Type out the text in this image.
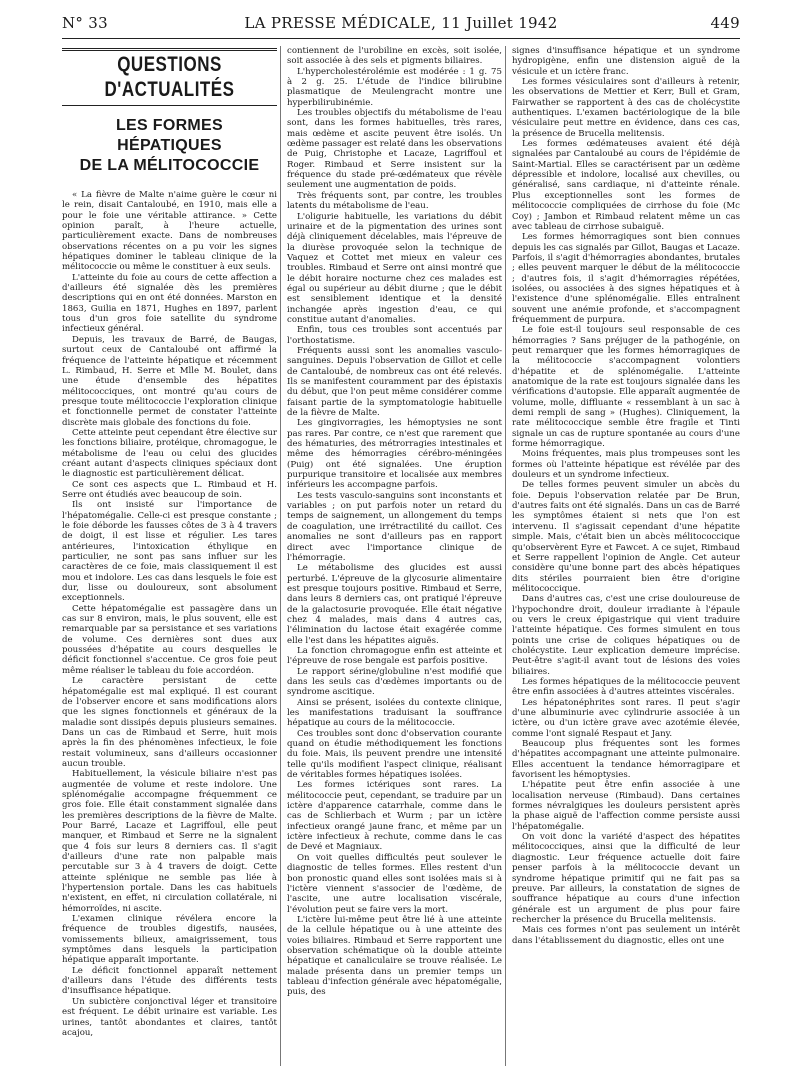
N° 33	LA PRESSE MÉDICALE, 11 Juillet 1942	449
QUESTIONS D'ACTUALITÉS
LES FORMES HÉPATIQUES
DE LA MÉLITOCOCCIE

« La fièvre de Malte n'aime guère le cœur ni le rein, disait Cantaloubé, en 1910, mais elle a pour le foie une véritable attirance. » Cette opinion paraît, à l'heure actuelle, particulièrement exacte. Dans de nombreuses observations récentes on a pu voir les signes hépatiques dominer le tableau clinique de la mélitococcie ou même le constituer à eux seuls.

L'atteinte du foie au cours de cette affection a d'ailleurs été signalée dès les premières descriptions qui en ont été données. Marston en 1863, Guilia en 1871, Hughes en 1897, parlent tous d'un gros foie satellite du syndrome infectieux général.

Depuis, les travaux de Barré, de Baugas, surtout ceux de Cantaloubé ont affirmé la fréquence de l'atteinte hépatique et récemment L. Rimbaud, H. Serre et Mlle M. Boulet, dans une étude d'ensemble des hépatites mélitococciques, ont montré qu'au cours de presque toute mélitococcie l'exploration clinique et fonctionnelle permet de constater l'atteinte discrète mais globale des fonctions du foie.

Cette atteinte peut cependant être élective sur les fonctions biliaire, protéique, chromagogue, le métabolisme de l'eau ou celui des glucides créant autant d'aspects cliniques spéciaux dont le diagnostic est particulièrement délicat.

Ce sont ces aspects que L. Rimbaud et H. Serre ont étudiés avec beaucoup de soin.

Ils ont insisté sur l'importance de l'hépatomégalie. Celle-ci est presque constante ; le foie déborde les fausses côtes de 3 à 4 travers de doigt, il est lisse et régulier. Les tares antérieures, l'intoxication éthylique en particulier, ne sont pas sans influer sur les caractères de ce foie, mais classiquement il est mou et indolore. Les cas dans lesquels le foie est dur, lisse ou douloureux, sont absolument exceptionnels.

Cette hépatomégalie est passagère dans un cas sur 8 environ, mais, le plus souvent, elle est remarquable par sa persistance et ses variations de volume. Ces dernières sont dues aux poussées d'hépatite au cours desquelles le déficit fonctionnel s'accentue. Ce gros foie peut même réaliser le tableau du foie accordéon.

Le caractère persistant de cette hépatomégalie est mal expliqué. Il est courant de l'observer encore et sans modifications alors que les signes fonctionnels et généraux de la maladie sont dissipés depuis plusieurs semaines. Dans un cas de Rimbaud et Serre, huit mois après la fin des phénomènes infectieux, le foie restait volumineux, sans d'ailleurs occasionner aucun trouble.

Habituellement, la vésicule biliaire n'est pas augmentée de volume et reste indolore. Une splénomégalie accompagne fréquemment ce gros foie. Elle était constamment signalée dans les premières descriptions de la fièvre de Malte. Pour Barré, Lacaze et Lagriffoul, elle peut manquer, et Rimbaud et Serre ne la signalent que 4 fois sur leurs 8 derniers cas. Il s'agit d'ailleurs d'une rate non palpable mais percutable sur 3 à 4 travers de doigt. Cette atteinte splénique ne semble pas liée à l'hypertension portale. Dans les cas habituels n'existent, en effet, ni circulation collatérale, ni hémorroïdes, ni ascite.

L'examen clinique révélera encore la fréquence de troubles digestifs, nausées, vomissements bilieux, amaigrissement, tous symptômes dans lesquels la participation hépatique apparaît importante.

Le déficit fonctionnel apparaît nettement d'ailleurs dans l'étude des différents tests d'insuffisance hépatique.

Un subictère conjonctival léger et transitoire est fréquent. Le débit urinaire est variable. Les urines, tantôt abondantes et claires, tantôt acajou,

contiennent de l'urobiline en excès, soit isolée, soit associée à des sels et pigments biliaires.

L'hypercholestérolémie est modérée : 1 g. 75 à 2 g. 25. L'étude de l'indice bilirubine plasmatique de Meulengracht montre une hyperbilirubinémie.

Les troubles objectifs du métabolisme de l'eau sont, dans les formes habituelles, très rares, mais œdème et ascite peuvent être isolés. Un œdème passager est relaté dans les observations de Puig, Christophe et Lacaze, Lagriffoul et Roger. Rimbaud et Serre insistent sur la fréquence du stade pré-œdémateux que révèle seulement une augmentation de poids.

Très fréquents sont, par contre, les troubles latents du métabolisme de l'eau.

L'oligurie habituelle, les variations du débit urinaire et de la pigmentation des urines sont déjà cliniquement décelables, mais l'épreuve de la diurèse provoquée selon la technique de Vaquez et Cottet met mieux en valeur ces troubles. Rimbaud et Serre ont ainsi montré que le débit horaire nocturne chez ces malades est égal ou supérieur au débit diurne ; que le débit est sensiblement identique et la densité inchangée après ingestion d'eau, ce qui constitue autant d'anomalies.

Enfin, tous ces troubles sont accentués par l'orthostatisme.

Fréquents aussi sont les anomalies vasculo-sanguines. Depuis l'observation de Gillot et celle de Cantaloubé, de nombreux cas ont été relevés. Ils se manifestent couramment par des épistaxis du début, que l'on peut même considérer comme faisant partie de la symptomatologie habituelle de la fièvre de Malte.

Les gingivorragies, les hémoptysies ne sont pas rares. Par contre, ce n'est que rarement que des hématuries, des métrorragies intestinales et même des hémorragies cérébro-méningées (Puig) ont été signalées. Une éruption purpurique transitoire et localisée aux membres inférieurs les accompagne parfois.

Les tests vasculo-sanguins sont inconstants et variables ; on put parfois noter un retard du temps de saignement, un allongement du temps de coagulation, une irrétractilité du caillot. Ces anomalies ne sont d'ailleurs pas en rapport direct avec l'importance clinique de l'hémorragie.

Le métabolisme des glucides est aussi perturbé. L'épreuve de la glycosurie alimentaire est presque toujours positive. Rimbaud et Serre, dans leurs 8 derniers cas, ont pratiqué l'épreuve de la galactosurie provoquée. Elle était négative chez 4 malades, mais dans 4 autres cas, l'élimination du lactose était exagérée comme elle l'est dans les hépatites aiguës.

La fonction chromagogue enfin est atteinte et l'épreuve de rose bengale est parfois positive.

Le rapport sérine/globuline n'est modifié que dans les seuls cas d'œdèmes importants ou de syndrome ascitique.

Ainsi se présent, isolées du contexte clinique, les manifestations traduisant la souffrance hépatique au cours de la mélitococcie.

Ces troubles sont donc d'observation courante quand on étudie méthodiquement les fonctions du foie. Mais, ils peuvent prendre une intensité telle qu'ils modifient l'aspect clinique, réalisant de véritables formes hépatiques isolées.

Les formes ictériques sont rares. La mélitococcie peut, cependant, se traduire par un ictère d'apparence catarrhale, comme dans le cas de Schlierbach et Wurm ; par un ictère infectieux orangé jaune franc, et même par un ictère infectieux à rechute, comme dans le cas de Devé et Magniaux.

On voit quelles difficultés peut soulever le diagnostic de telles formes. Elles restent d'un bon pronostic quand elles sont isolées mais si à l'ictère viennent s'associer de l'œdème, de l'ascite, une autre localisation viscérale, l'évolution peut se faire vers la mort.

L'ictère lui-même peut être lié à une atteinte de la cellule hépatique ou à une atteinte des voies biliaires. Rimbaud et Serre rapportent une observation schématique où la double atteinte hépatique et canaliculaire se trouve réalisée. Le malade présenta dans un premier temps un tableau d'infection générale avec hépatomégalie, puis, des

signes d'insuffisance hépatique et un syndrome hydropigène, enfin une distension aiguë de la vésicule et un ictère franc.

Les formes vésiculaires sont d'ailleurs à retenir, les observations de Mettier et Kerr, Bull et Gram, Fairwather se rapportent à des cas de cholécystite authentiques. L'examen bactériologique de la bile vésiculaire peut mettre en évidence, dans ces cas, la présence de Brucella melitensis.

Les formes œdémateuses avaient été déjà signalées par Cantaloubé au cours de l'épidémie de Saint-Martial. Elles se caractérisent par un œdème dépressible et indolore, localisé aux chevilles, ou généralisé, sans cardiaque, ni d'atteinte rénale. Plus exceptionnelles sont les formes de mélitococcie compliquées de cirrhose du foie (Mc Coy) ; Jambon et Rimbaud relatent même un cas avec tableau de cirrhose subaiguë.

Les formes hémorragiques sont bien connues depuis les cas signalés par Gillot, Baugas et Lacaze. Parfois, il s'agit d'hémorragies abondantes, brutales ; elles peuvent marquer le début de la mélitococcie ; d'autres fois, il s'agit d'hémorragies répétées, isolées, ou associées à des signes hépatiques et à l'existence d'une splénomégalie. Elles entraînent souvent une anémie profonde, et s'accompagnent fréquemment de purpura.

Le foie est-il toujours seul responsable de ces hémorragies ? Sans préjuger de la pathogénie, on peut remarquer que les formes hémorragiques de la mélitococcie s'accompagnent volontiers d'hépatite et de splénomégalie. L'atteinte anatomique de la rate est toujours signalée dans les vérifications d'autopsie. Elle apparaît augmentée de volume, molle, diffluante « ressemblant à un sac à demi rempli de sang » (Hughes). Cliniquement, la rate mélitococcique semble être fragile et Tinti signale un cas de rupture spontanée au cours d'une forme hémorragique.

Moins fréquentes, mais plus trompeuses sont les formes où l'atteinte hépatique est révélée par des douleurs et un syndrome infectieux.

De telles formes peuvent simuler un abcès du foie. Depuis l'observation relatée par De Brun, d'autres faits ont été signalés. Dans un cas de Barré les symptômes étaient si nets que l'on est intervenu. Il s'agissait cependant d'une hépatite simple. Mais, c'était bien un abcès mélitococcique qu'observèrent Eyre et Fawcet. A ce sujet, Rimbaud et Serre rappellent l'opinion de Angle. Cet auteur considère qu'une bonne part des abcès hépatiques dits stériles pourraient bien être d'origine mélitococcique.

Dans d'autres cas, c'est une crise douloureuse de l'hypochondre droit, douleur irradiante à l'épaule ou vers le creux épigastrique qui vient traduire l'atteinte hépatique. Ces formes simulent en tous points une crise de coliques hépatiques ou de cholécystite. Leur explication demeure imprécise. Peut-être s'agit-il avant tout de lésions des voies biliaires.

Les formes hépatiques de la mélitococcie peuvent être enfin associées à d'autres atteintes viscérales.

Les hépatonéphrites sont rares. Il peut s'agir d'une albuminurie avec cylindrurie associée à un ictère, ou d'un ictère grave avec azotémie élevée, comme l'ont signalé Respaut et Jany.

Beaucoup plus fréquentes sont les formes d'hépatites accompagnant une atteinte pulmonaire. Elles accentuent la tendance hémorragipare et favorisent les hémoptysies.

L'hépatite peut être enfin associée à une localisation nerveuse (Rimbaud). Dans certaines formes névralgiques les douleurs persistent après la phase aiguë de l'affection comme persiste aussi l'hépatomégalie.

On voit donc la variété d'aspect des hépatites mélitococciques, ainsi que la difficulté de leur diagnostic. Leur fréquence actuelle doit faire penser parfois à la mélitococcie devant un syndrome hépatique primitif qui ne fait pas sa preuve. Par ailleurs, la constatation de signes de souffrance hépatique au cours d'une infection générale est un argument de plus pour faire rechercher la présence du Brucella melitensis.

Mais ces formes n'ont pas seulement un intérêt dans l'établissement du diagnostic, elles ont une
